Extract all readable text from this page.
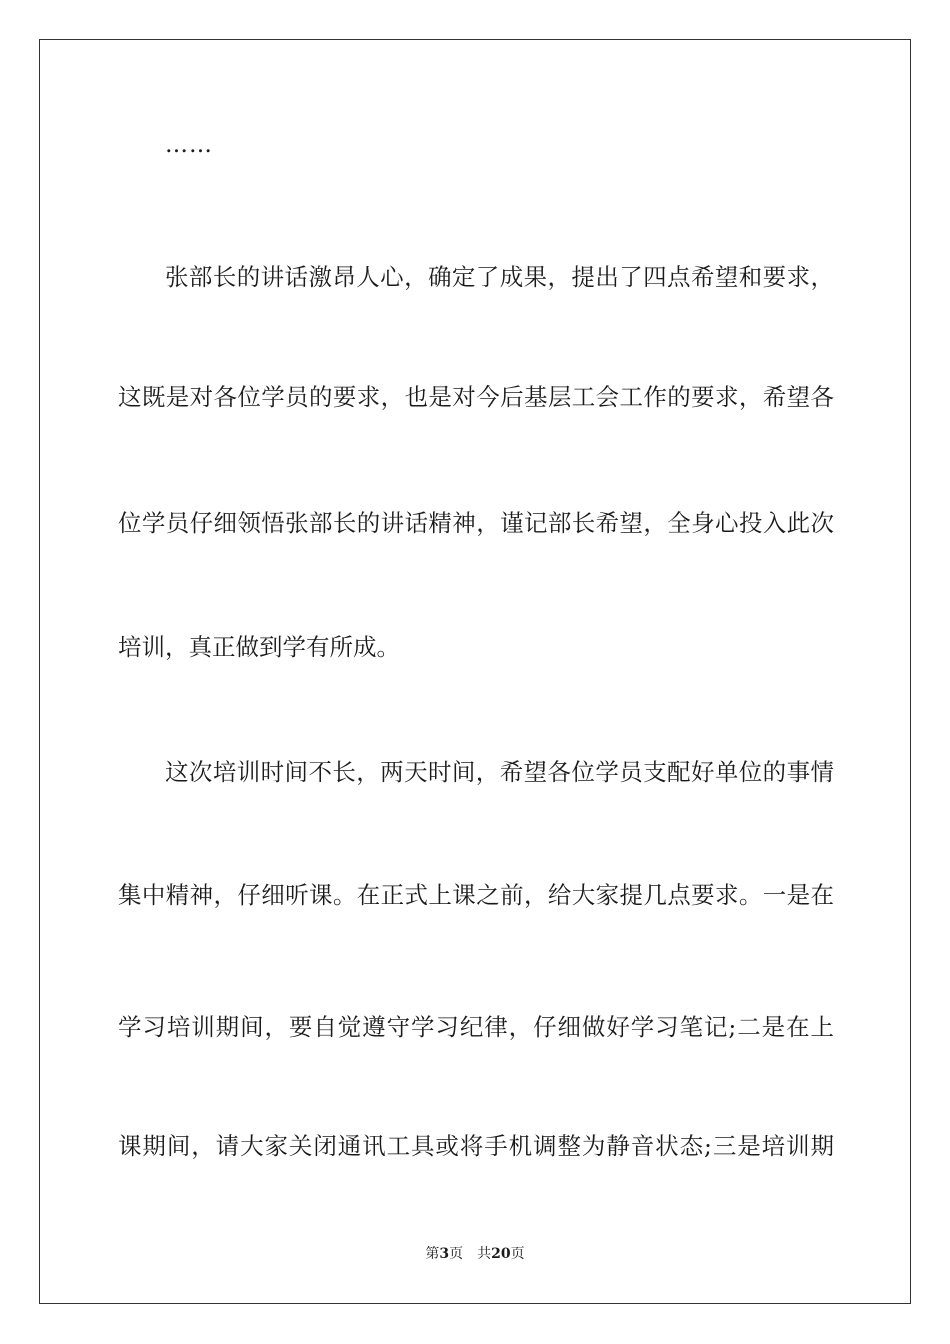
……
张部长的讲话激昂人心，确定了成果，提出了四点希望和要求，
这既是对各位学员的要求，也是对今后基层工会工作的要求，希望各
位学员仔细领悟张部长的讲话精神，谨记部长希望，全身心投入此次
培训，真正做到学有所成。
这次培训时间不长，两天时间，希望各位学员支配好单位的事情
集中精神，仔细听课。在正式上课之前，给大家提几点要求。一是在
学习培训期间，要自觉遵守学习纪律，仔细做好学习笔记;二是在上
课期间，请大家关闭通讯工具或将手机调整为静音状态;三是培训期
第3页 共20页
